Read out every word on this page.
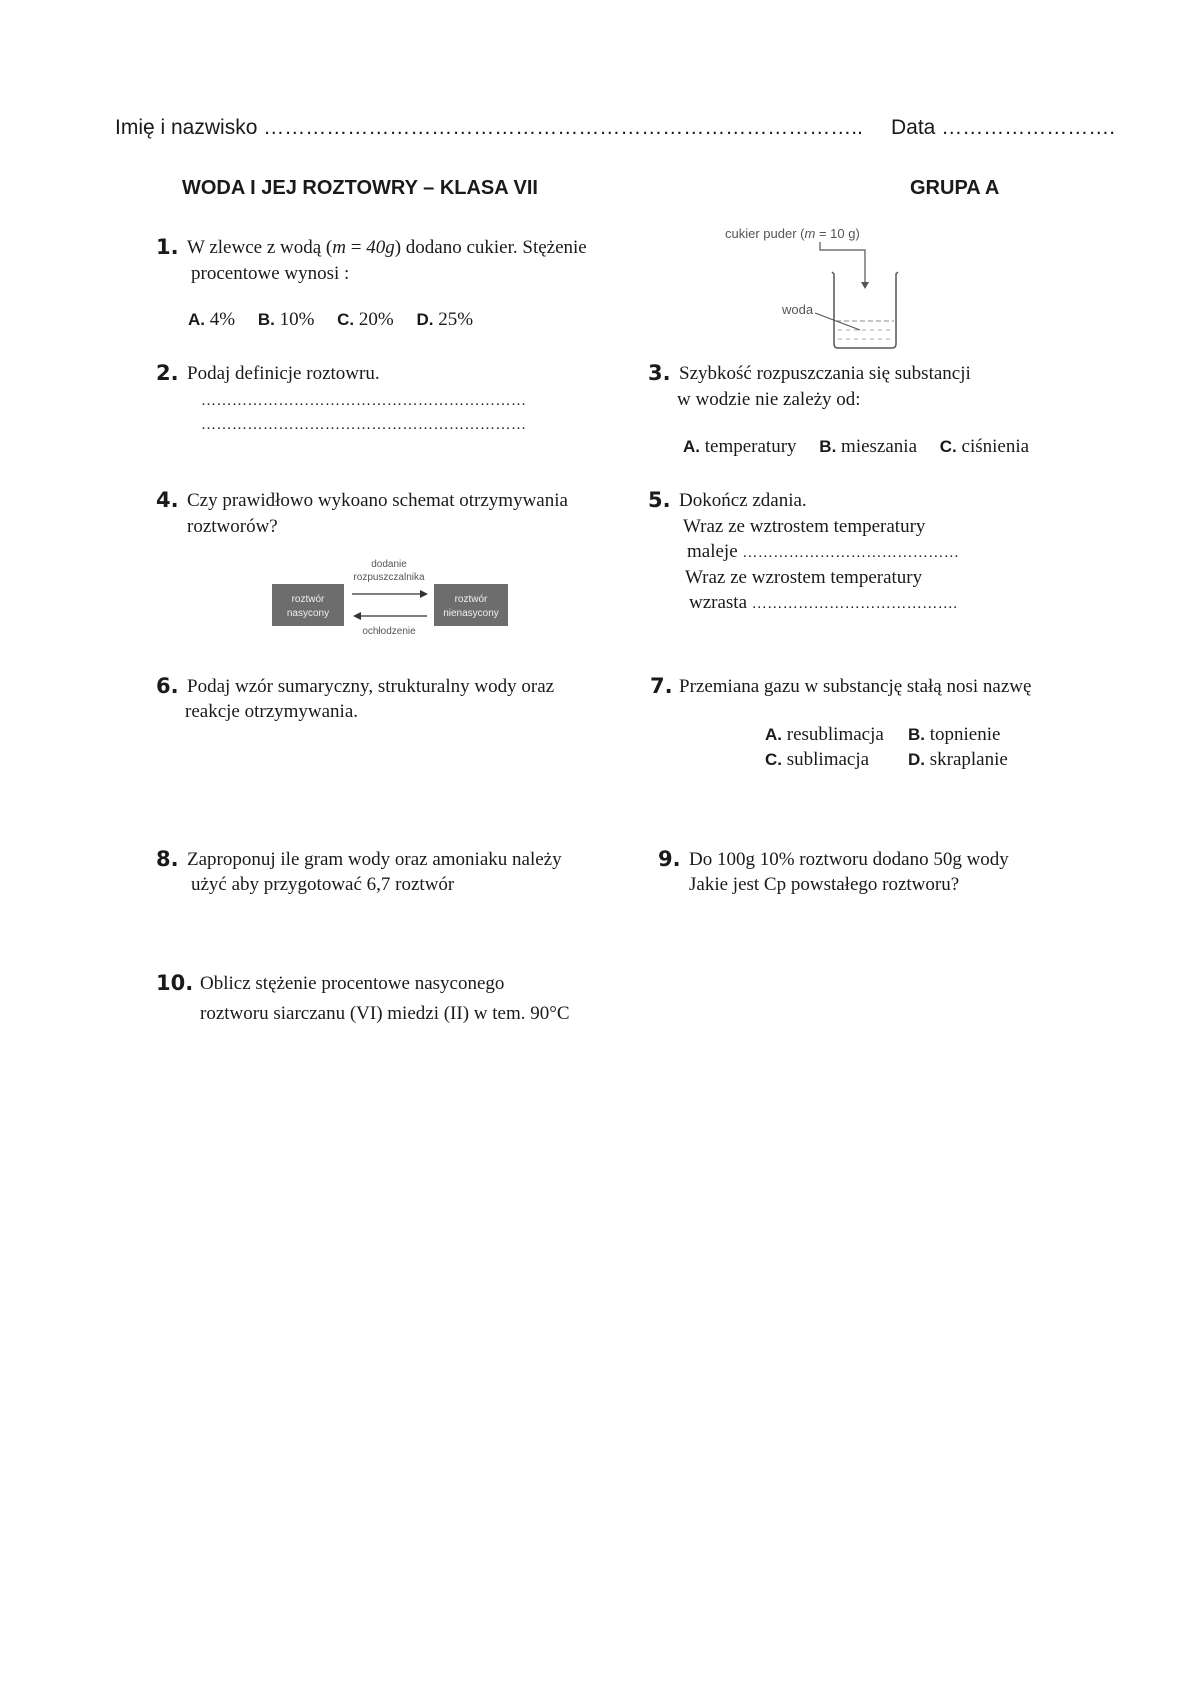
Imię i nazwisko ………………………………………………………………………….. Data …………………….
WODA I JEJ ROZTOWRY – KLASA VII	GRUPA A
1. W zlewce z wodą (m = 40g) dodano cukier. Stężenie
procentowe wynosi :
A. 4% B. 10% C. 20% D. 25%
cukier puder (m = 10 g)
woda
2. Podaj definicje roztowru.
………………………………………………………
………………………………………………………
3. Szybkość rozpuszczania się substancji
w wodzie nie zależy od:
A. temperatury B. mieszania C. ciśnienia
4. Czy prawidłowo wykoano schemat otrzymywania
roztworów?
roztwór
nasycony
roztwór
nienasycony
dodanie
rozpuszczalnika
ochłodzenie
5. Dokończ zdania.
Wraz ze wztrostem temperatury
maleje ……………………………………
Wraz ze wzrostem temperatury
wzrasta ………………………………….
6. Podaj wzór sumaryczny, strukturalny wody oraz
reakcje otrzymywania.
7. Przemiana gazu w substancję stałą nosi nazwę
A. resublimacja B. topnienie
C. sublimacja D. skraplanie
8. Zaproponuj ile gram wody oraz amoniaku należy
użyć aby przygotować 6,7 roztwór
9. Do 100g 10% roztworu dodano 50g wody
Jakie jest Cp powstałego roztworu?
10. Oblicz stężenie procentowe nasyconego
roztworu siarczanu (VI) miedzi (II) w tem. 90°C
